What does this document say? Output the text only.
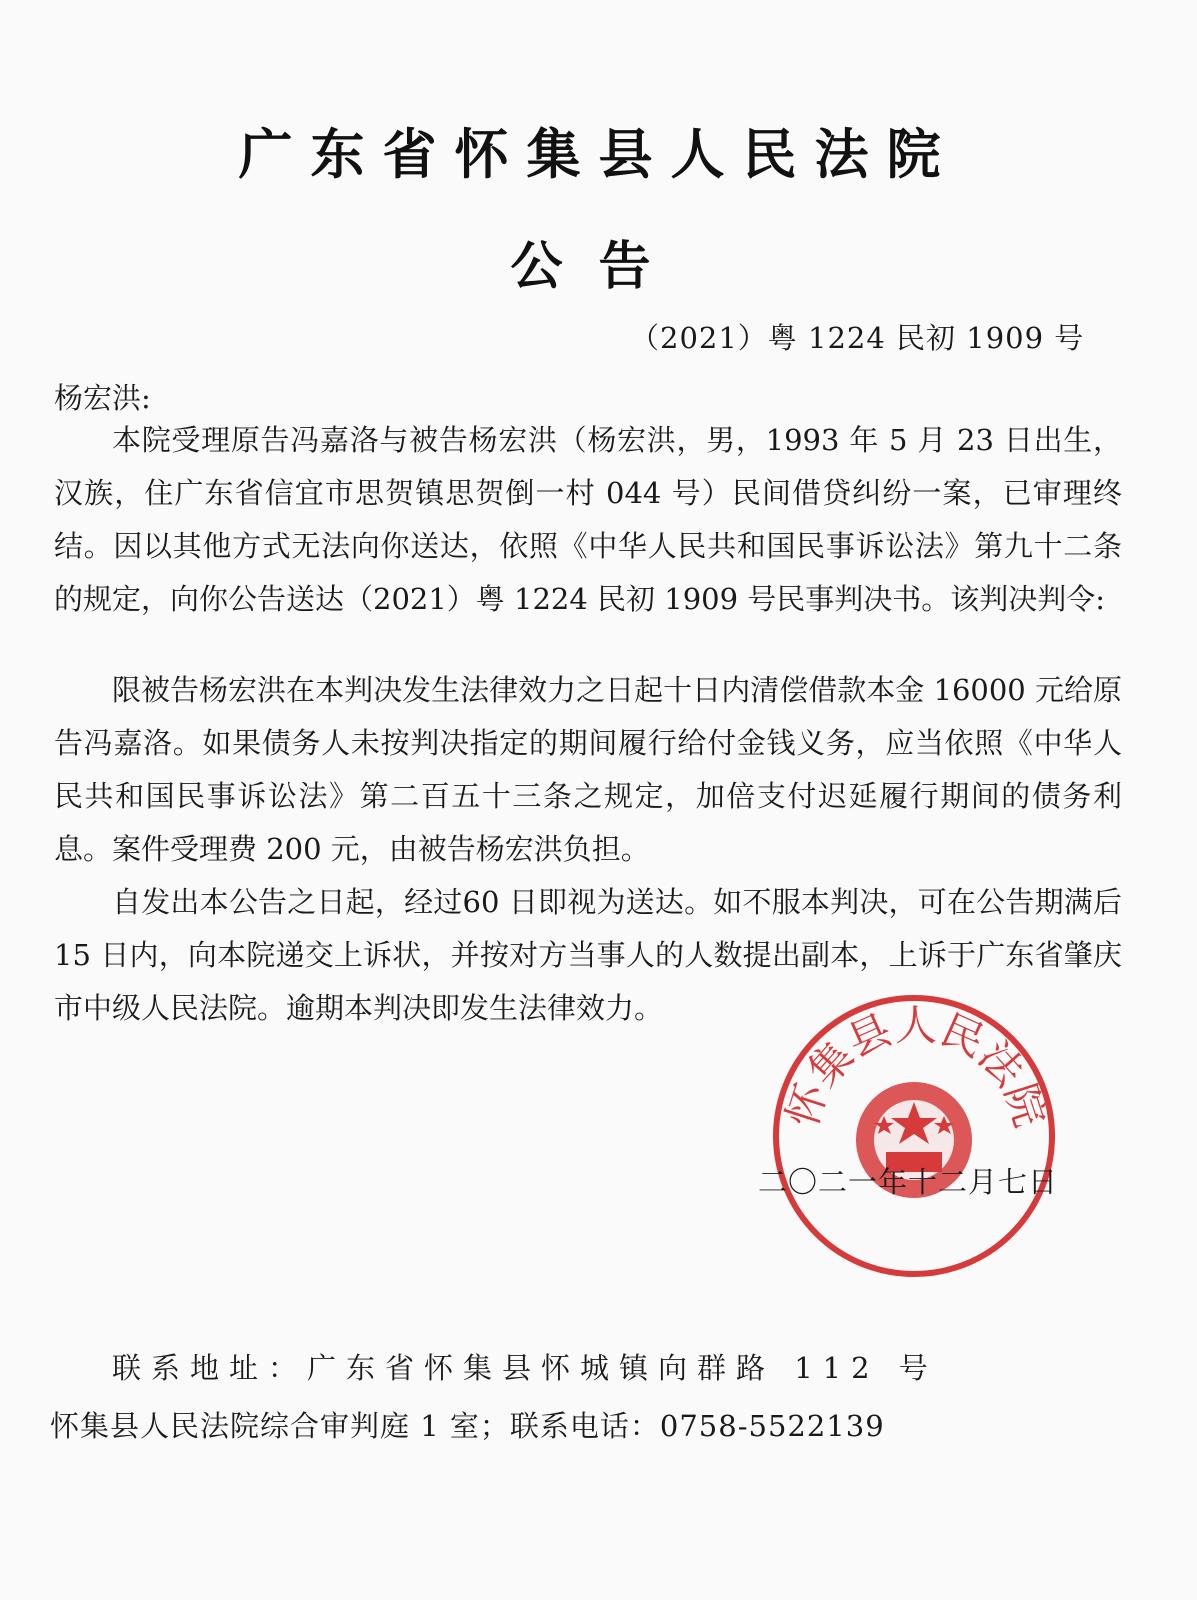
广东省怀集县人民法院
公告
（2021）粤 1224 民初 1909 号
杨宏洪:
本院受理原告冯嘉洛与被告杨宏洪（杨宏洪，男，1993 年 5 月 23 日出生，汉族，住广东省信宜市思贺镇思贺倒一村 044 号）民间借贷纠纷一案，已审理终结。因以其他方式无法向你送达，依照《中华人民共和国民事诉讼法》第九十二条的规定，向你公告送达（2021）粤 1224 民初 1909 号民事判决书。该判决判令:
限被告杨宏洪在本判决发生法律效力之日起十日内清偿借款本金 16000 元给原告冯嘉洛。如果债务人未按判决指定的期间履行给付金钱义务，应当依照《中华人民共和国民事诉讼法》第二百五十三条之规定，加倍支付迟延履行期间的债务利息。案件受理费 200 元，由被告杨宏洪负担。
自发出本公告之日起，经过60 日即视为送达。如不服本判决，可在公告期满后 15 日内，向本院递交上诉状，并按对方当事人的人数提出副本，上诉于广东省肇庆市中级人民法院。逾期本判决即发生法律效力。
怀集县人民法院
二〇二一年十二月七日
联系地址：广东省怀集县怀城镇向群路 112 号
怀集县人民法院综合审判庭 1 室；联系电话：0758-5522139
